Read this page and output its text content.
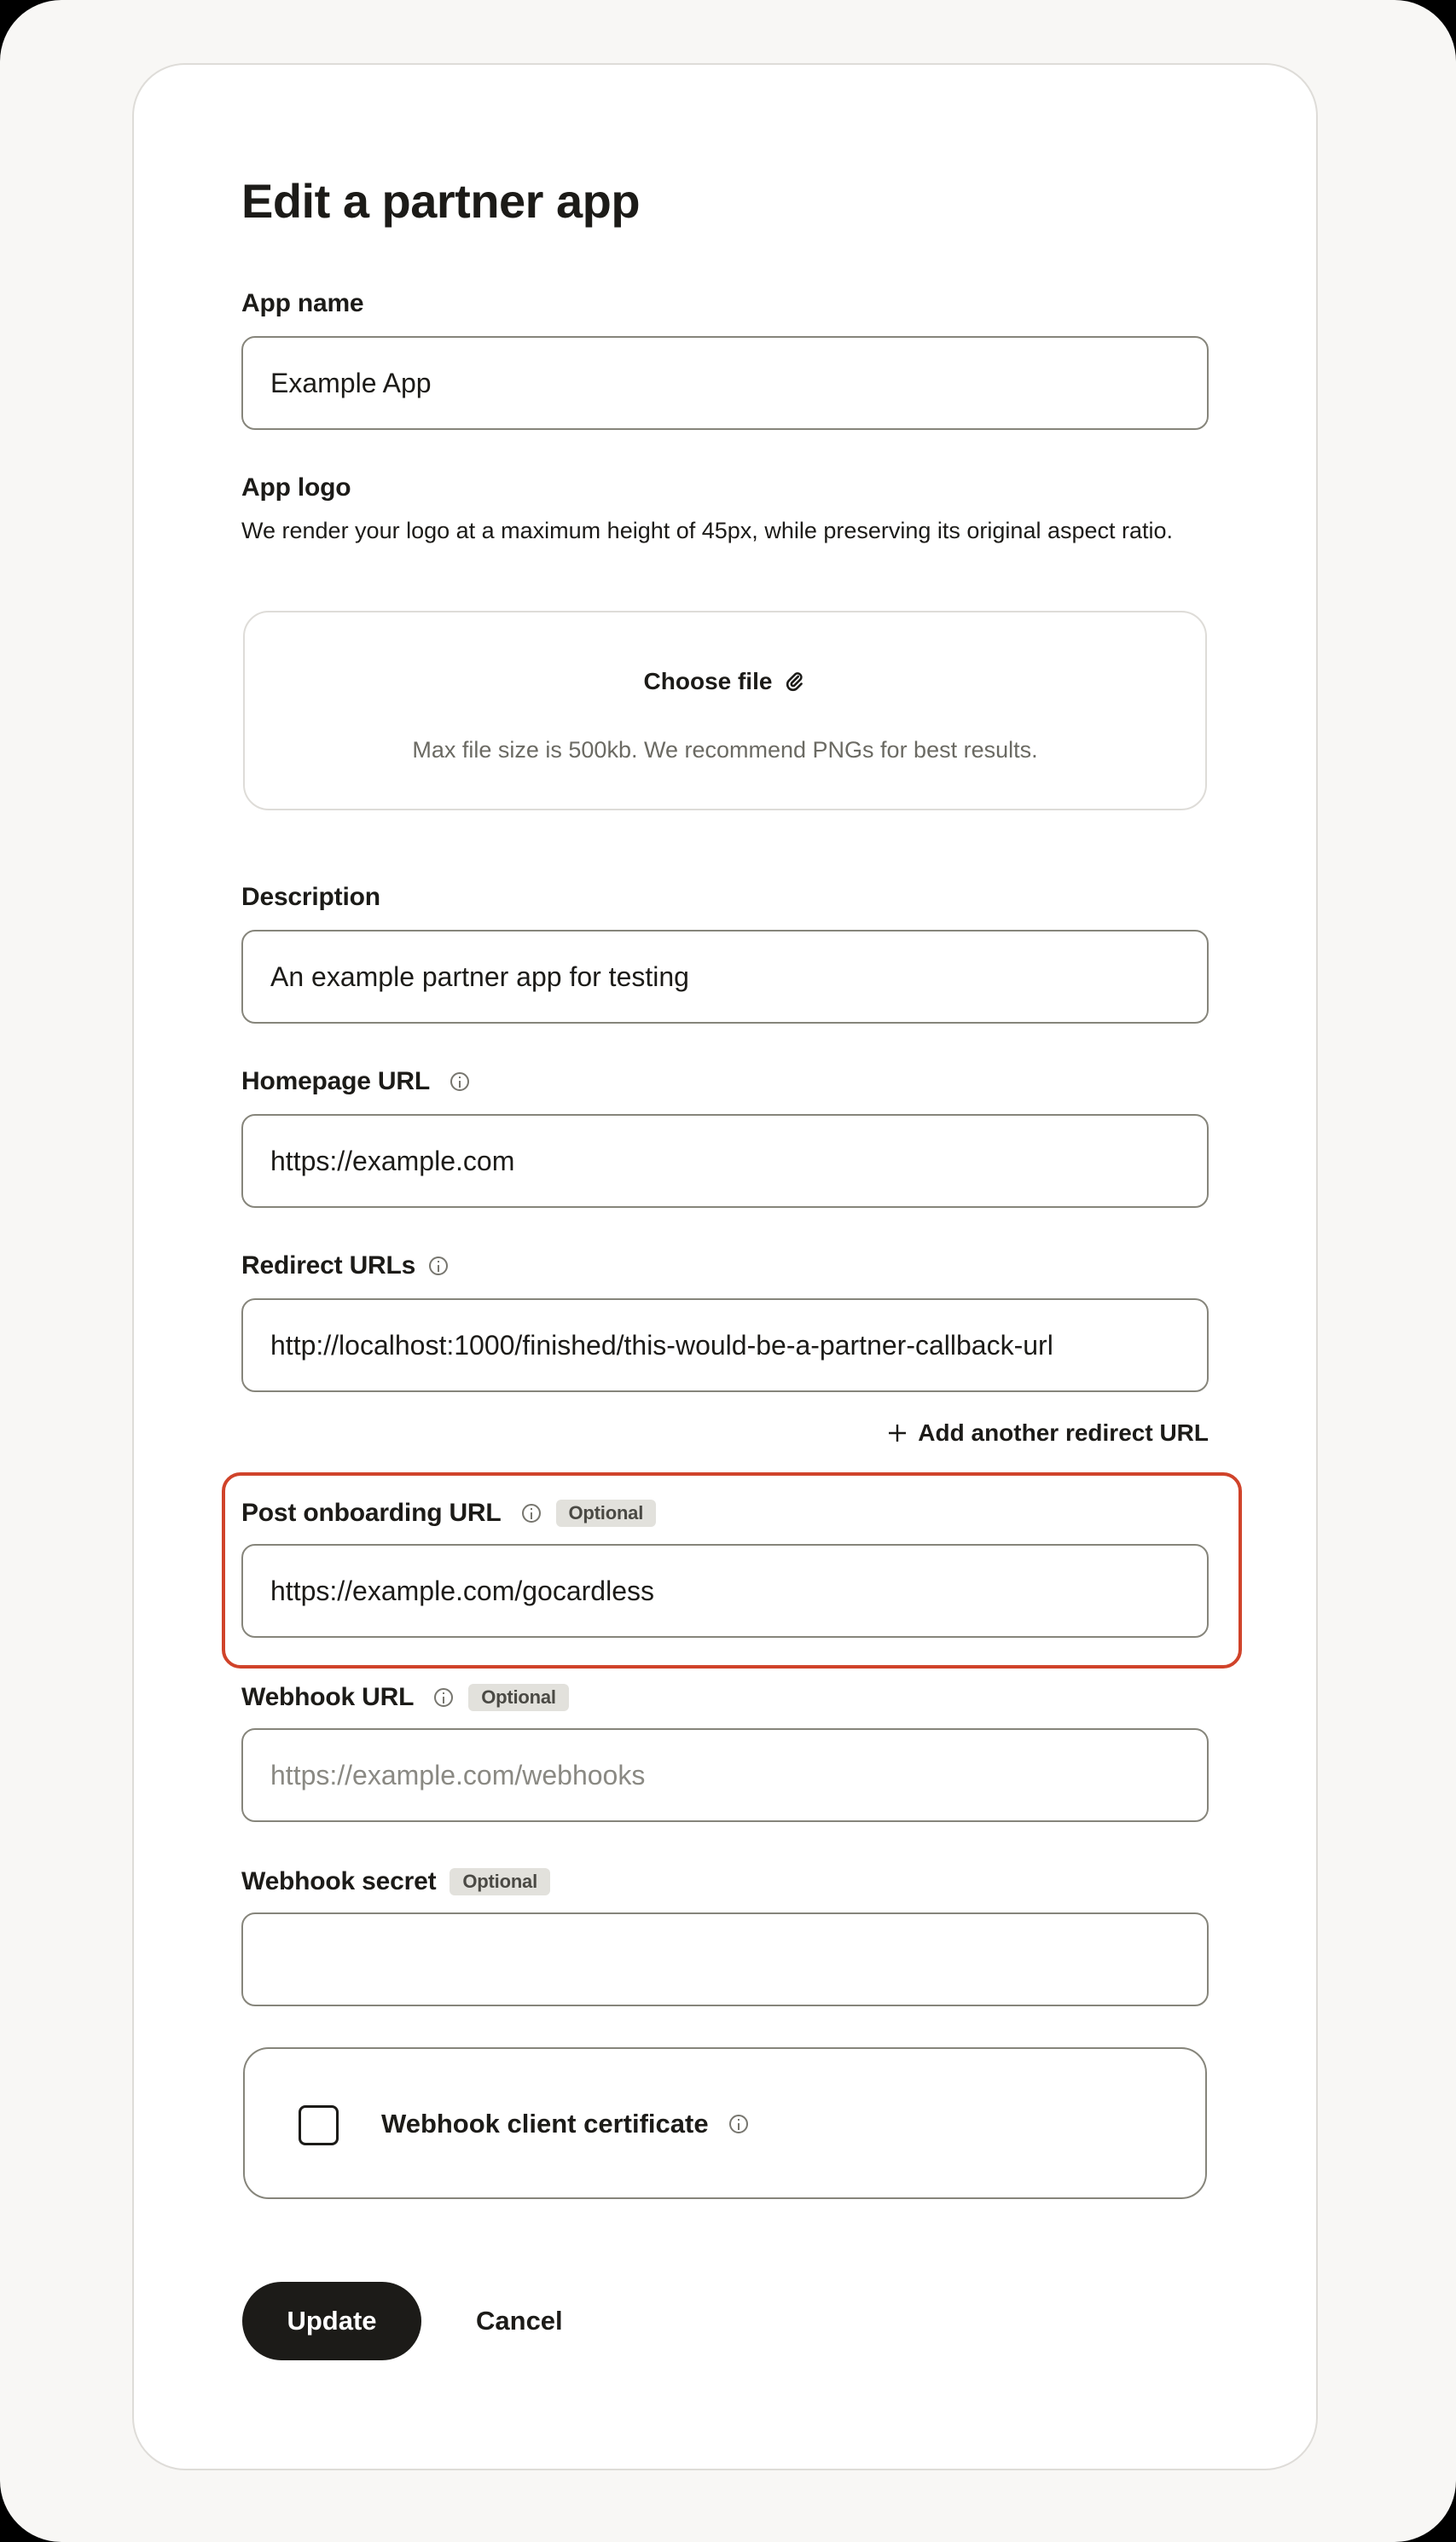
Edit a partner app
App name
Example App
App logo
We render your logo at a maximum height of 45px, while preserving its original aspect ratio.
Choose file
Max file size is 500kb. We recommend PNGs for best results.
Description
An example partner app for testing
Homepage URL
https://example.com
Redirect URLs
http://localhost:1000/finished/this-would-be-a-partner-callback-url
Add another redirect URL
Post onboarding URL	Optional
https://example.com/gocardless
Webhook URL	Optional
https://example.com/webhooks
Webhook secret	Optional
Webhook client certificate
Update	Cancel
